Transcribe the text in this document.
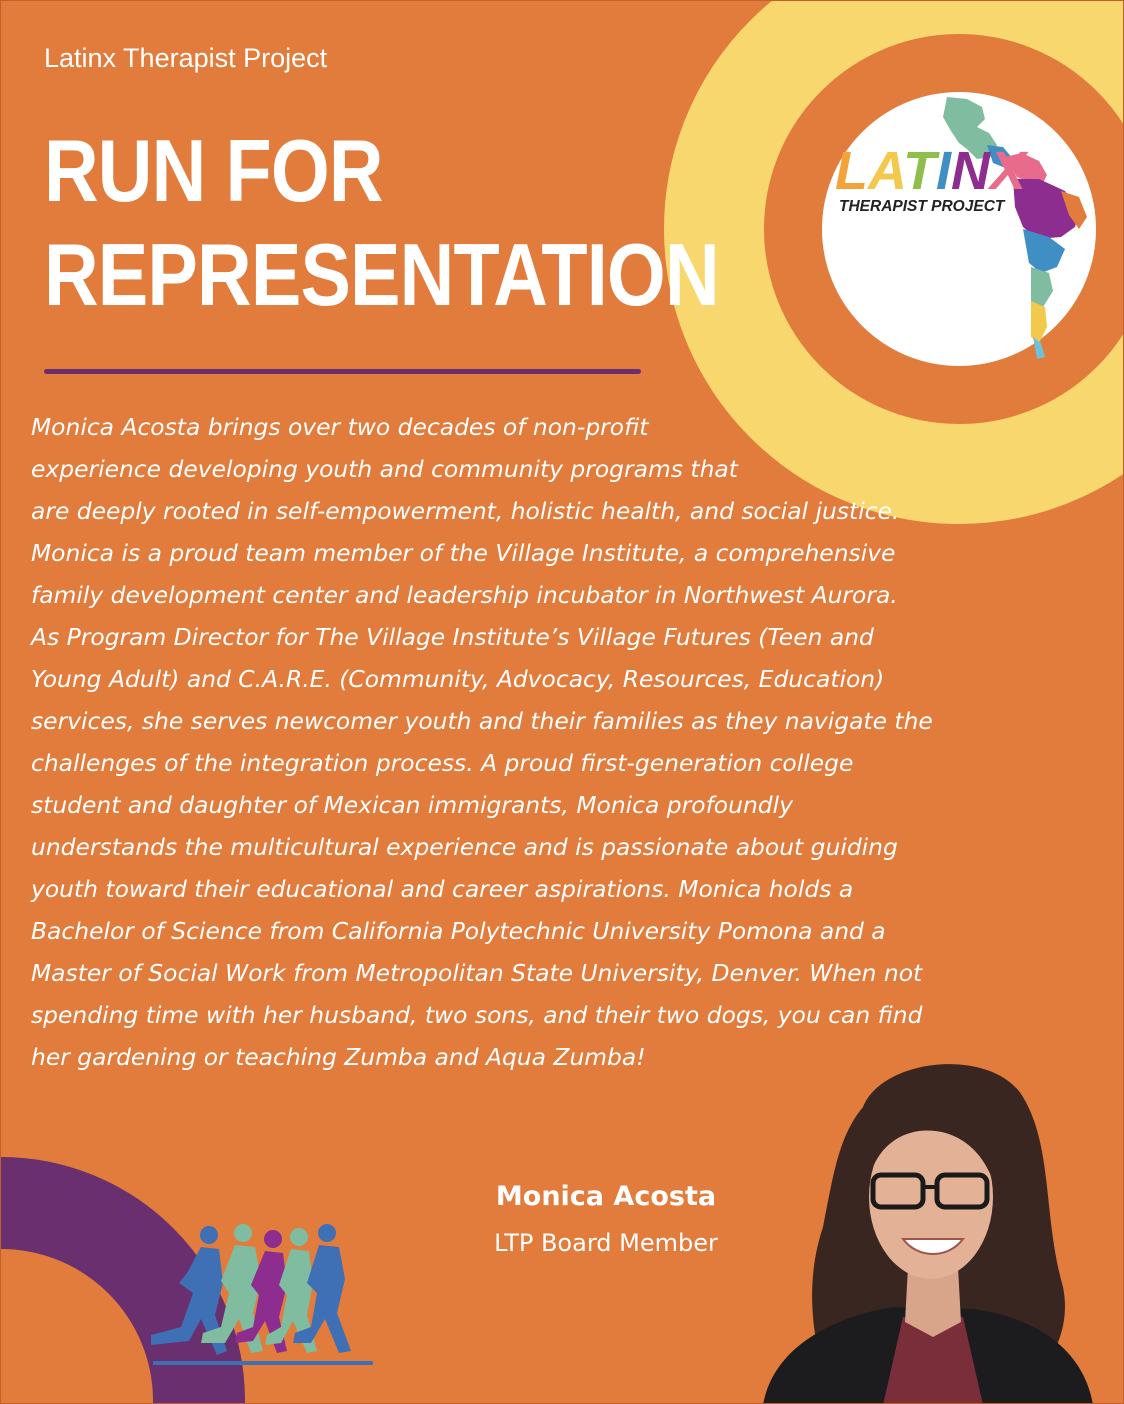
Latinx Therapist Project
RUN FOR
REPRESENTATION
LATINX
THERAPIST PROJECT
Monica Acosta brings over two decades of non-profit
experience developing youth and community programs that
are deeply rooted in self-empowerment, holistic health, and social justice.
Monica is a proud team member of the Village Institute, a comprehensive
family development center and leadership incubator in Northwest Aurora.
As Program Director for The Village Institute’s Village Futures (Teen and
Young Adult) and C.A.R.E. (Community, Advocacy, Resources, Education)
services, she serves newcomer youth and their families as they navigate the
challenges of the integration process. A proud first-generation college
student and daughter of Mexican immigrants, Monica profoundly
understands the multicultural experience and is passionate about guiding
youth toward their educational and career aspirations. Monica holds a
Bachelor of Science from California Polytechnic University Pomona and a
Master of Social Work from Metropolitan State University, Denver. When not
spending time with her husband, two sons, and their two dogs, you can find
her gardening or teaching Zumba and Aqua Zumba!
Monica Acosta
LTP Board Member
